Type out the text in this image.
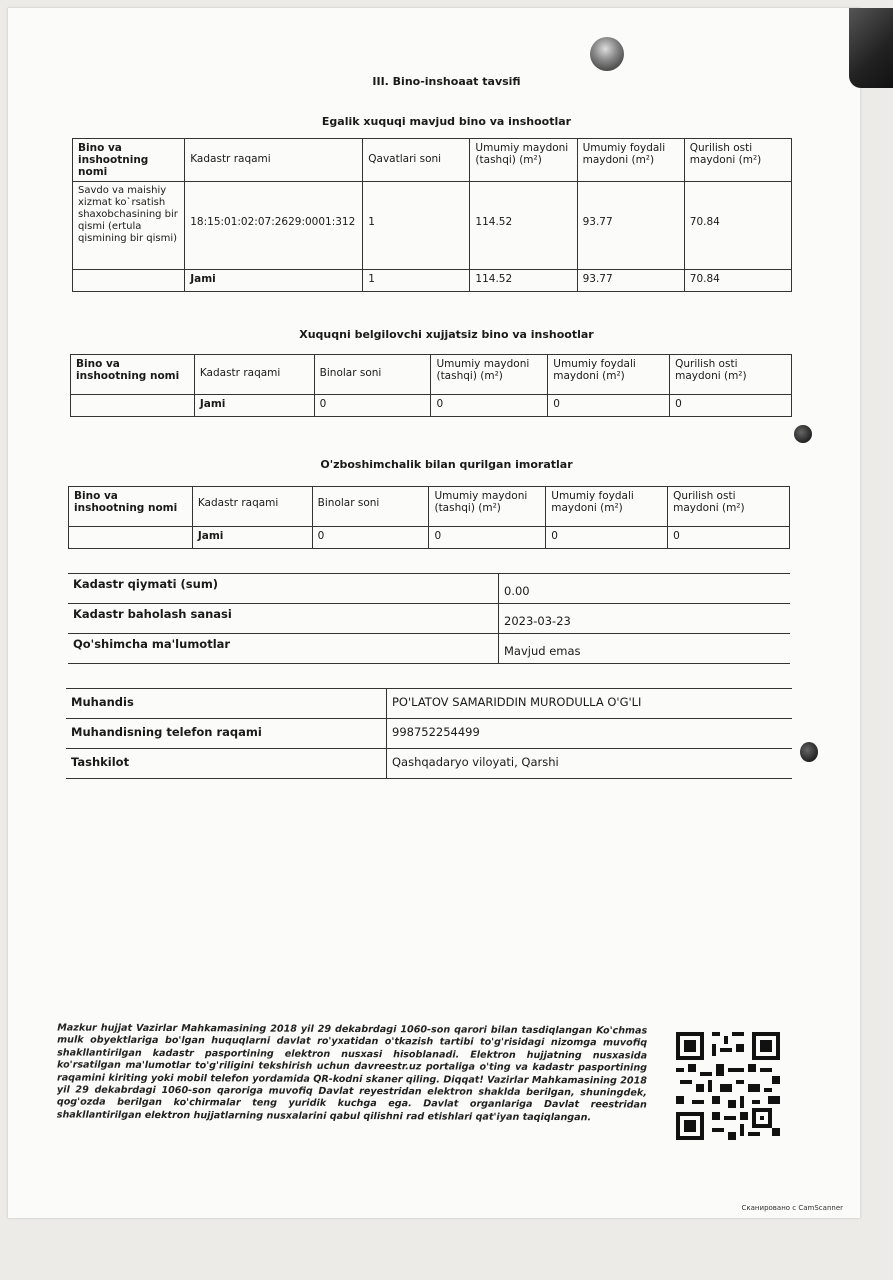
III. Bino-inshoaat tavsifi
Egalik xuquqi mavjud bino va inshootlar
Bino va inshootning nomi	Kadastr raqami	Qavatlari soni	Umumiy maydoni (tashqi) (m²)	Umumiy foydali maydoni (m²)	Qurilish osti maydoni (m²)
Savdo va maishiy xizmat ko`rsatish shaxobchasining bir qismi (ertula qismining bir qismi)	18:15:01:02:07:2629:0001:312	1	114.52	93.77	70.84
	Jami	1	114.52	93.77	70.84
Xuquqni belgilovchi xujjatsiz bino va inshootlar
Bino va inshootning nomi	Kadastr raqami	Binolar soni	Umumiy maydoni (tashqi) (m²)	Umumiy foydali maydoni (m²)	Qurilish osti maydoni (m²)
	Jami	0	0	0	0
O'zboshimchalik bilan qurilgan imoratlar
Bino va inshootning nomi	Kadastr raqami	Binolar soni	Umumiy maydoni (tashqi) (m²)	Umumiy foydali maydoni (m²)	Qurilish osti maydoni (m²)
	Jami	0	0	0	0
Kadastr qiymati (sum)	0.00
Kadastr baholash sanasi	2023-03-23
Qo'shimcha ma'lumotlar	Mavjud emas
Muhandis	PO'LATOV SAMARIDDIN MURODULLA O'G'LI
Muhandisning telefon raqami	998752254499
Tashkilot	Qashqadaryo viloyati, Qarshi
Mazkur hujjat Vazirlar Mahkamasining 2018 yil 29 dekabrdagi 1060-son qarori bilan tasdiqlangan Ko'chmas mulk obyektlariga bo'lgan huquqlarni davlat ro'yxatidan o'tkazish tartibi to'g'risidagi nizomga muvofiq shakllantirilgan kadastr pasportining elektron nusxasi hisoblanadi. Elektron hujjatning nusxasida ko'rsatilgan ma'lumotlar to'g'riligini tekshirish uchun davreestr.uz portaliga o'ting va kadastr pasportining raqamini kiriting yoki mobil telefon yordamida QR-kodni skaner qiling. Diqqat! Vazirlar Mahkamasining 2018 yil 29 dekabrdagi 1060-son qaroriga muvofiq Davlat reyestridan elektron shaklda berilgan, shuningdek, qog'ozda berilgan ko'chirmalar teng yuridik kuchga ega. Davlat organlariga Davlat reestridan shakllantirilgan elektron hujjatlarning nusxalarini qabul qilishni rad etishlari qat'iyan taqiqlangan.
Сканировано с CamScanner
